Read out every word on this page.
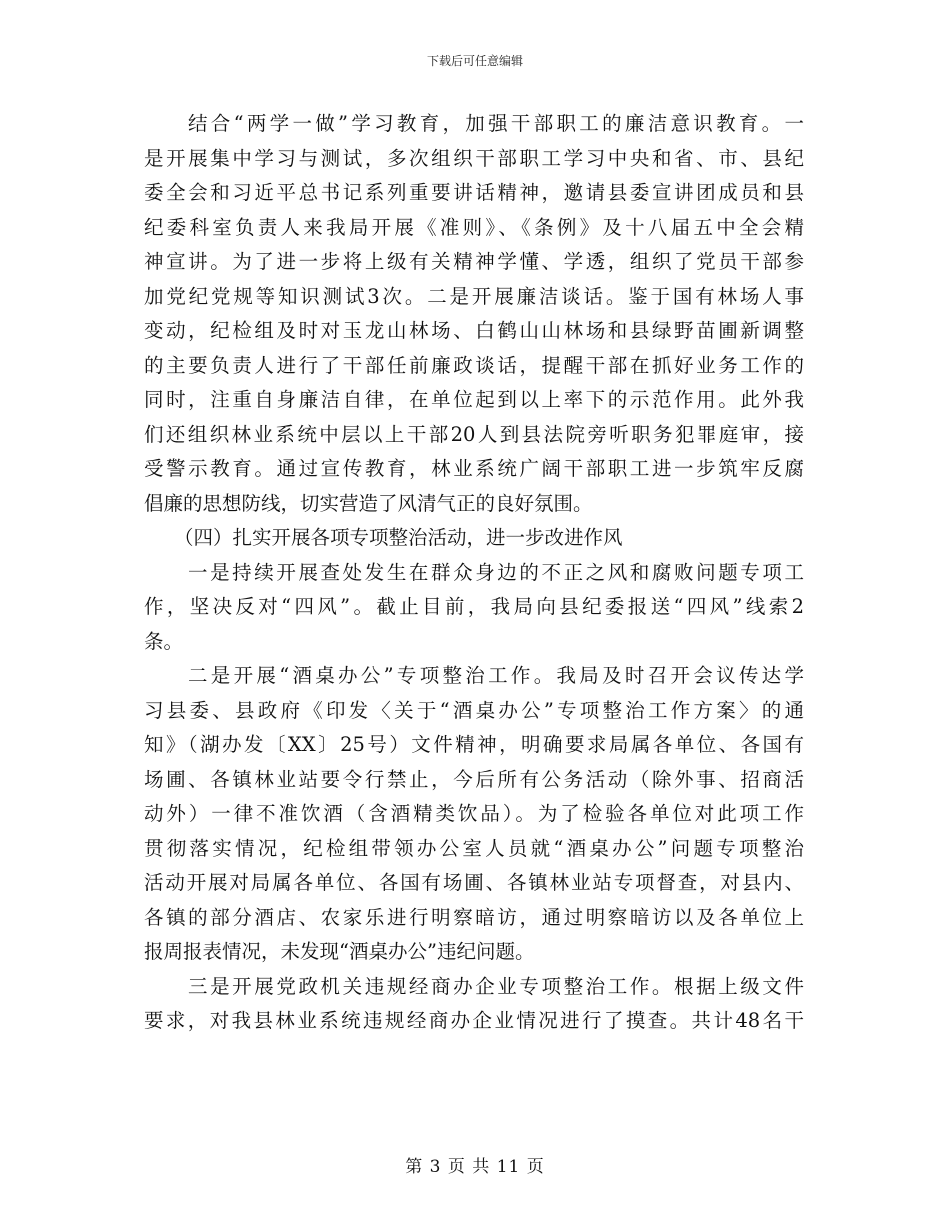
下载后可任意编辑
结合“两学一做”学习教育，加强干部职工的廉洁意识教育。一
是开展集中学习与测试，多次组织干部职工学习中央和省、市、县纪
委全会和习近平总书记系列重要讲话精神，邀请县委宣讲团成员和县
纪委科室负责人来我局开展《准则》、《条例》及十八届五中全会精
神宣讲。为了进一步将上级有关精神学懂、学透，组织了党员干部参
加党纪党规等知识测试3次。二是开展廉洁谈话。鉴于国有林场人事
变动，纪检组及时对玉龙山林场、白鹤山山林场和县绿野苗圃新调整
的主要负责人进行了干部任前廉政谈话，提醒干部在抓好业务工作的
同时，注重自身廉洁自律，在单位起到以上率下的示范作用。此外我
们还组织林业系统中层以上干部20人到县法院旁听职务犯罪庭审，接
受警示教育。通过宣传教育，林业系统广阔干部职工进一步筑牢反腐
倡廉的思想防线，切实营造了风清气正的良好氛围。
（四）扎实开展各项专项整治活动，进一步改进作风
一是持续开展查处发生在群众身边的不正之风和腐败问题专项工
作，坚决反对“四风”。截止目前，我局向县纪委报送“四风”线索2
条。
二是开展“酒桌办公”专项整治工作。我局及时召开会议传达学
习县委、县政府《印发〈关于“酒桌办公”专项整治工作方案〉的通
知》（湖办发〔XX〕25号）文件精神，明确要求局属各单位、各国有
场圃、各镇林业站要令行禁止，今后所有公务活动（除外事、招商活
动外）一律不准饮酒（含酒精类饮品）。为了检验各单位对此项工作
贯彻落实情况，纪检组带领办公室人员就“酒桌办公”问题专项整治
活动开展对局属各单位、各国有场圃、各镇林业站专项督查，对县内、
各镇的部分酒店、农家乐进行明察暗访，通过明察暗访以及各单位上
报周报表情况，未发现“酒桌办公”违纪问题。
三是开展党政机关违规经商办企业专项整治工作。根据上级文件
要求，对我县林业系统违规经商办企业情况进行了摸查。共计48名干
第 3 页 共 11 页
